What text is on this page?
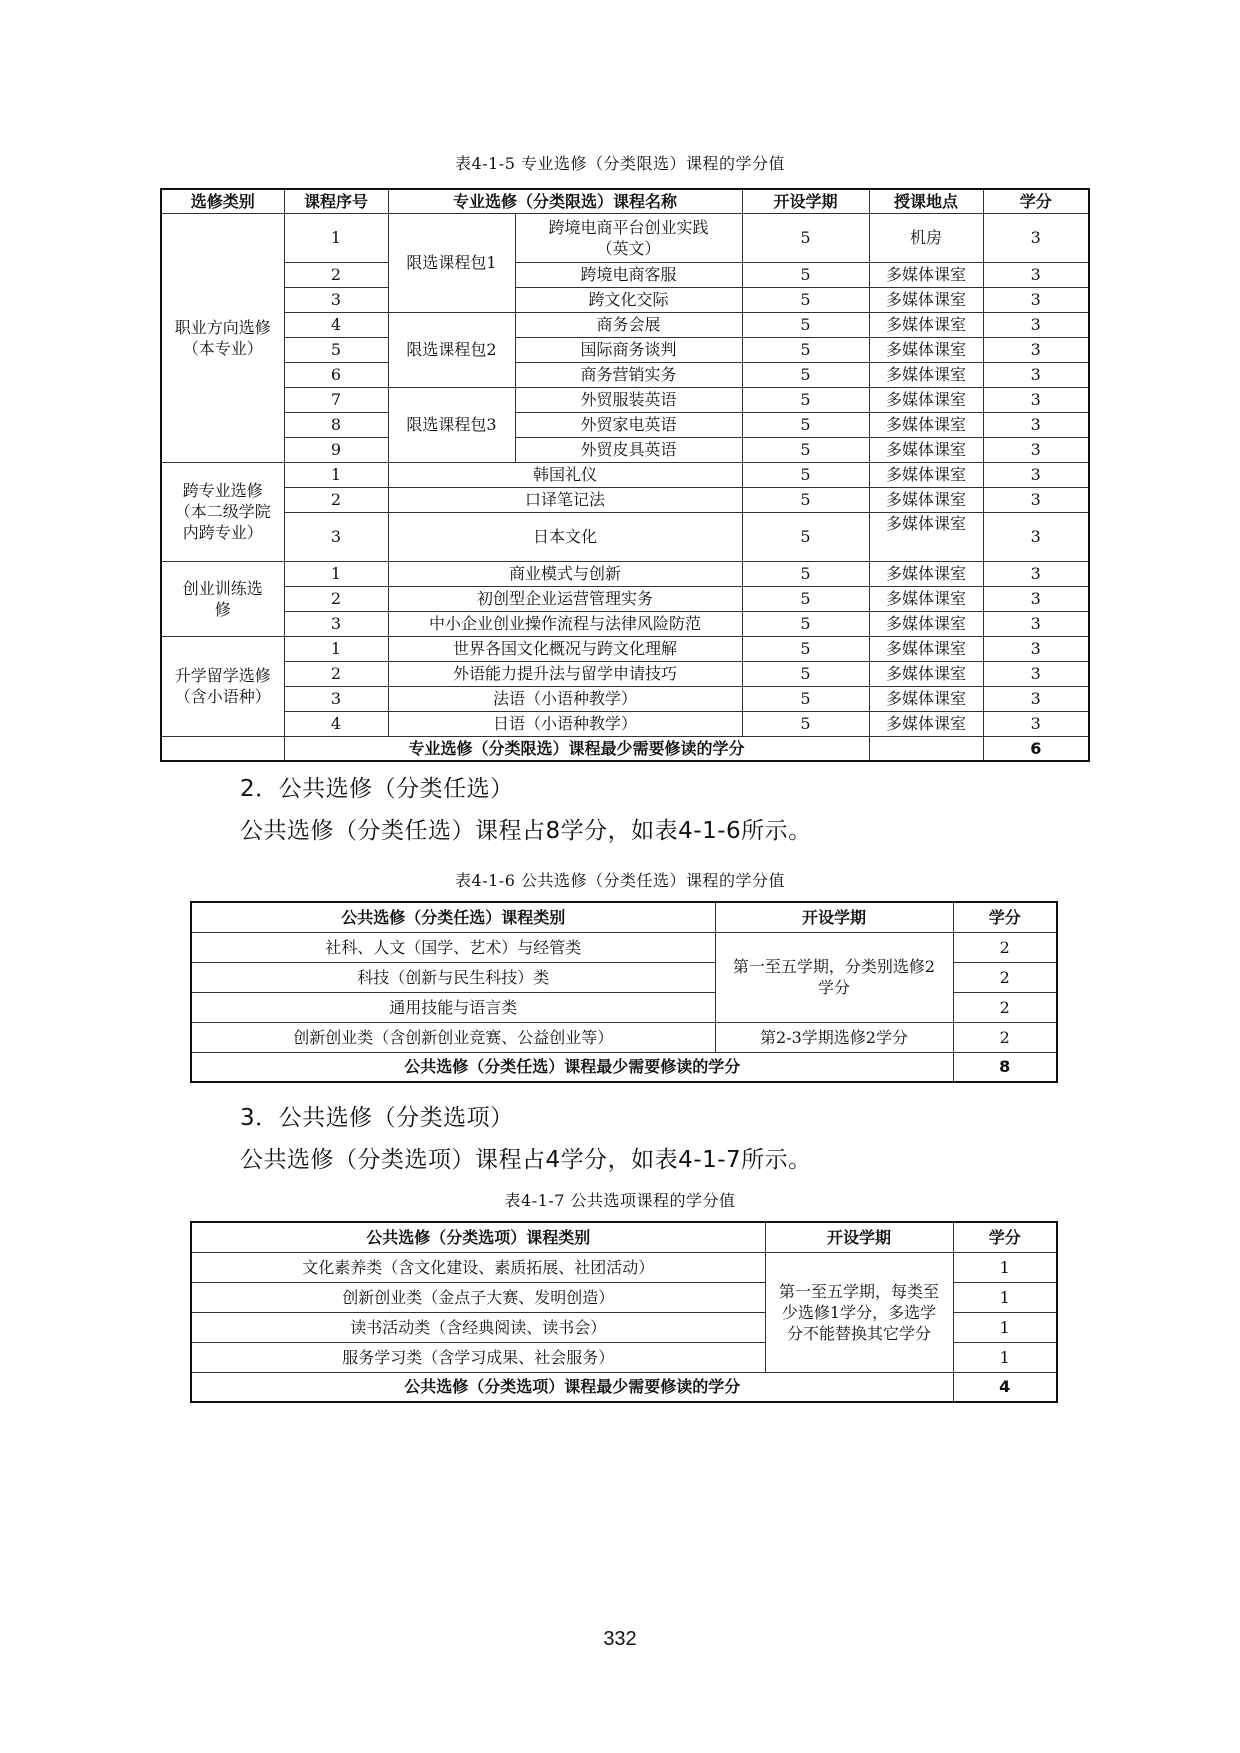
表4-1-5 专业选修（分类限选）课程的学分值
选修类别	课程序号	专业选修（分类限选）课程名称		开设学期	授课地点	学分
职业方向选修（本专业）	1	限选课程包1	跨境电商平台创业实践（英文）	5	机房	3
	2		跨境电商客服	5	多媒体课室	3
	3		跨文化交际	5	多媒体课室	3
	4	限选课程包2	商务会展	5	多媒体课室	3
	5		国际商务谈判	5	多媒体课室	3
	6		商务营销实务	5	多媒体课室	3
	7	限选课程包3	外贸服装英语	5	多媒体课室	3
	8		外贸家电英语	5	多媒体课室	3
	9		外贸皮具英语	5	多媒体课室	3
跨专业选修（本二级学院内跨专业）	1	韩国礼仪		5	多媒体课室	3
	2	口译笔记法		5	多媒体课室	3
	3	日本文化		5	多媒体课室	3
创业训练选修	1	商业模式与创新		5	多媒体课室	3
	2	初创型企业运营管理实务		5	多媒体课室	3
	3	中小企业创业操作流程与法律风险防范		5	多媒体课室	3
升学留学选修（含小语种）	1	世界各国文化概况与跨文化理解		5	多媒体课室	3
	2	外语能力提升法与留学申请技巧		5	多媒体课室	3
	3	法语（小语种教学）		5	多媒体课室	3
	4	日语（小语种教学）		5	多媒体课室	3
	专业选修（分类限选）课程最少需要修读的学分					6
2．公共选修（分类任选）
公共选修（分类任选）课程占8学分，如表4-1-6所示。
表4-1-6 公共选修（分类任选）课程的学分值
公共选修（分类任选）课程类别	开设学期	学分
社科、人文（国学、艺术）与经管类	第一至五学期，分类别选修2学分	2
科技（创新与民生科技）类		2
通用技能与语言类		2
创新创业类（含创新创业竞赛、公益创业等）	第2-3学期选修2学分	2
公共选修（分类任选）课程最少需要修读的学分		8
3．公共选修（分类选项）
公共选修（分类选项）课程占4学分，如表4-1-7所示。
表4-1-7 公共选项课程的学分值
公共选修（分类选项）课程类别	开设学期	学分
文化素养类（含文化建设、素质拓展、社团活动）	第一至五学期，每类至少选修1学分，多选学分不能替换其它学分	1
创新创业类（金点子大赛、发明创造）		1
读书活动类（含经典阅读、读书会）		1
服务学习类（含学习成果、社会服务）		1
公共选修（分类选项）课程最少需要修读的学分		4
332
